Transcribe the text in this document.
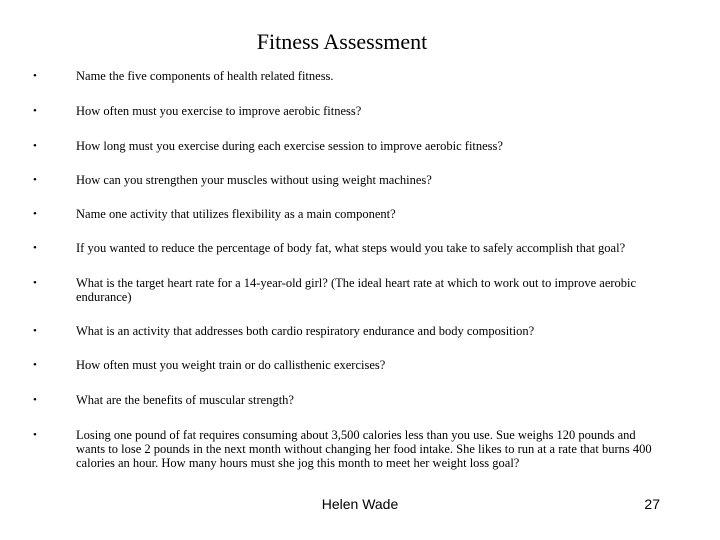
Fitness Assessment
•	Name the five components of health related fitness.
•	How often must you exercise to improve aerobic fitness?
•	How long must you exercise during each exercise session to improve aerobic fitness?
•	How can you strengthen your muscles without using weight machines?
•	Name one activity that utilizes flexibility as a main component?
•	If you wanted to reduce the percentage of body fat, what steps would you take to safely accomplish that goal?
•	What is the target heart rate for a 14-year-old girl? (The ideal heart rate at which to work out to improve aerobic endurance)
•	What is an activity that addresses both cardio respiratory endurance and body composition?
•	How often must you weight train or do callisthenic exercises?
•	What are the benefits of muscular strength?
•	Losing one pound of fat requires consuming about 3,500 calories less than you use. Sue weighs 120 pounds and wants to lose 2 pounds in the next month without changing her food intake. She likes to run at a rate that burns 400 calories an hour. How many hours must she jog this month to meet her weight loss goal?
Helen Wade	27
